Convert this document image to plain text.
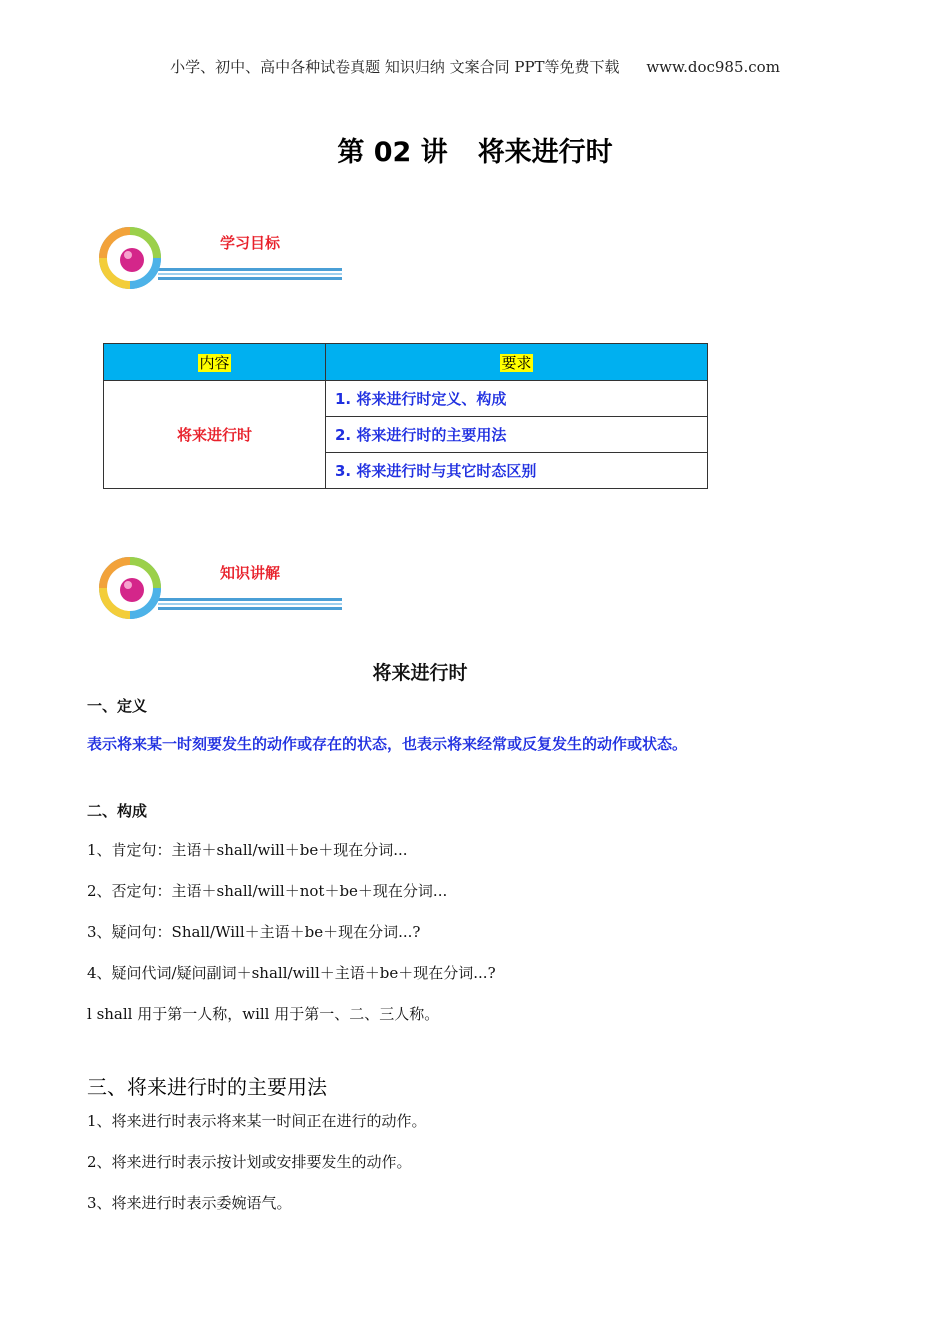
小学、初中、高中各种试卷真题 知识归纳 文案合同 PPT等免费下载 www.doc985.com
第 02 讲 将来进行时
学习目标
内容	要求
将来进行时	1. 将来进行时定义、构成
	2. 将来进行时的主要用法
	3. 将来进行时与其它时态区别
知识讲解
将来进行时
一、定义
表示将来某一时刻要发生的动作或存在的状态，也表示将来经常或反复发生的动作或状态。
二、构成
1、肯定句：主语＋shall/will＋be＋现在分词...
2、否定句：主语＋shall/will＋not＋be＋现在分词...
3、疑问句：Shall/Will＋主语＋be＋现在分词...?
4、疑问代词/疑问副词＋shall/will＋主语＋be＋现在分词...?
l shall 用于第一人称，will 用于第一、二、三人称。
三、将来进行时的主要用法
1、将来进行时表示将来某一时间正在进行的动作。
2、将来进行时表示按计划或安排要发生的动作。
3、将来进行时表示委婉语气。
